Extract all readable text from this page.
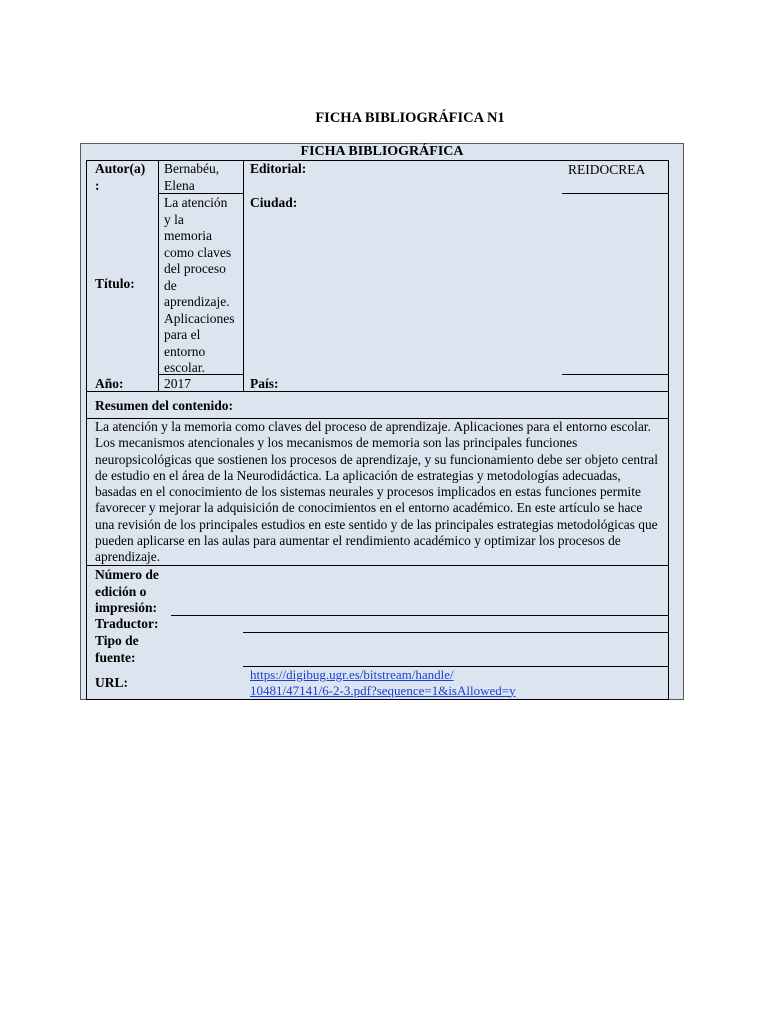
FICHA BIBLIOGRÁFICA N1
FICHA BIBLIOGRÁFICA
Autor(a)
:
Título:
Año:
Editorial:
Ciudad:
País:
Bernabéu,
Elena
La atención
y la
memoria
como claves
del proceso
de
aprendizaje.
Aplicaciones
para el
entorno
escolar.
2017
REIDOCREA
Resumen del contenido:
La atención y la memoria como claves del proceso de aprendizaje. Aplicaciones para el entorno escolar. Los mecanismos atencionales y los mecanismos de memoria son las principales funciones neuropsicológicas que sostienen los procesos de aprendizaje, y su funcionamiento debe ser objeto central de estudio en el área de la Neurodidáctica. La aplicación de estrategias y metodologías adecuadas, basadas en el conocimiento de los sistemas neurales y procesos implicados en estas funciones permite favorecer y mejorar la adquisición de conocimientos en el entorno académico. En este artículo se hace una revisión de los principales estudios en este sentido y de las principales estrategias metodológicas que pueden aplicarse en las aulas para aumentar el rendimiento académico y optimizar los procesos de aprendizaje.
Número de
edición o
impresión:
Traductor:
Tipo de
fuente:
URL:
https://digibug.ugr.es/bitstream/handle/
10481/47141/6-2-3.pdf?sequence=1&isAllowed=y
